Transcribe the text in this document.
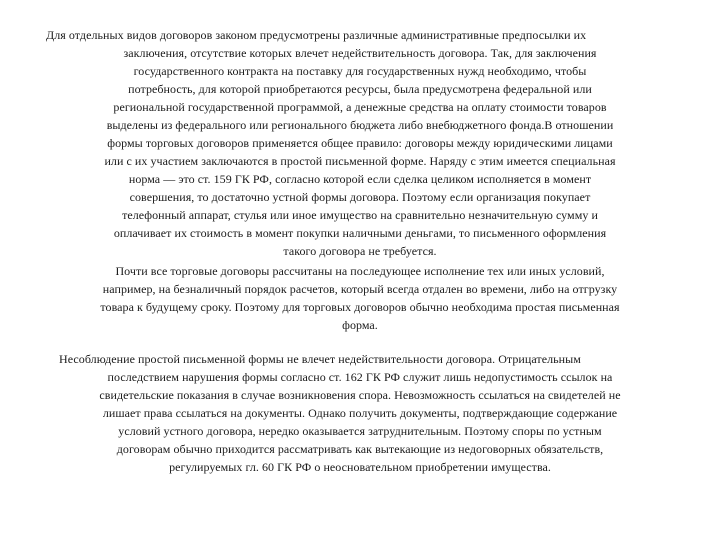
Для отдельных видов договоров законом предусмотрены различные административные предпосылки их
заключения, отсутствие которых влечет недействительность договора. Так, для заключения
государственного контракта на поставку для государственных нужд необходимо, чтобы
потребность, для которой приобретаются ресурсы, была предусмотрена федеральной или
региональной государственной программой, а денежные средства на оплату стоимости товаров
выделены из федерального или регионального бюджета либо внебюджетного фонда.В отношении
формы торговых договоров применяется общее правило: договоры между юридическими лицами
или с их участием заключаются в простой письменной форме. Наряду с этим имеется специальная
норма — это ст. 159 ГК РФ, согласно которой если сделка целиком исполняется в момент
совершения, то достаточно устной формы договора. Поэтому если организация покупает
телефонный аппарат, стулья или иное имущество на сравнительно незначительную сумму и
оплачивает их стоимость в момент покупки наличными деньгами, то письменного оформления
такого договора не требуется.
Почти все торговые договоры рассчитаны на последующее исполнение тех или иных условий,
например, на безналичный порядок расчетов, который всегда отдален во времени, либо на отгрузку
товара к будущему сроку. Поэтому для торговых договоров обычно необходима простая письменная
форма.
Несоблюдение простой письменной формы не влечет недействительности договора. Отрицательным
последствием нарушения формы согласно ст. 162 ГК РФ служит лишь недопустимость ссылок на
свидетельские показания в случае возникновения спора. Невозможность ссылаться на свидетелей не
лишает права ссылаться на документы. Однако получить документы, подтверждающие содержание
условий устного договора, нередко оказывается затруднительным. Поэтому споры по устным
договорам обычно приходится рассматривать как вытекающие из недоговорных обязательств,
регулируемых гл. 60 ГК РФ о неосновательном приобретении имущества.
